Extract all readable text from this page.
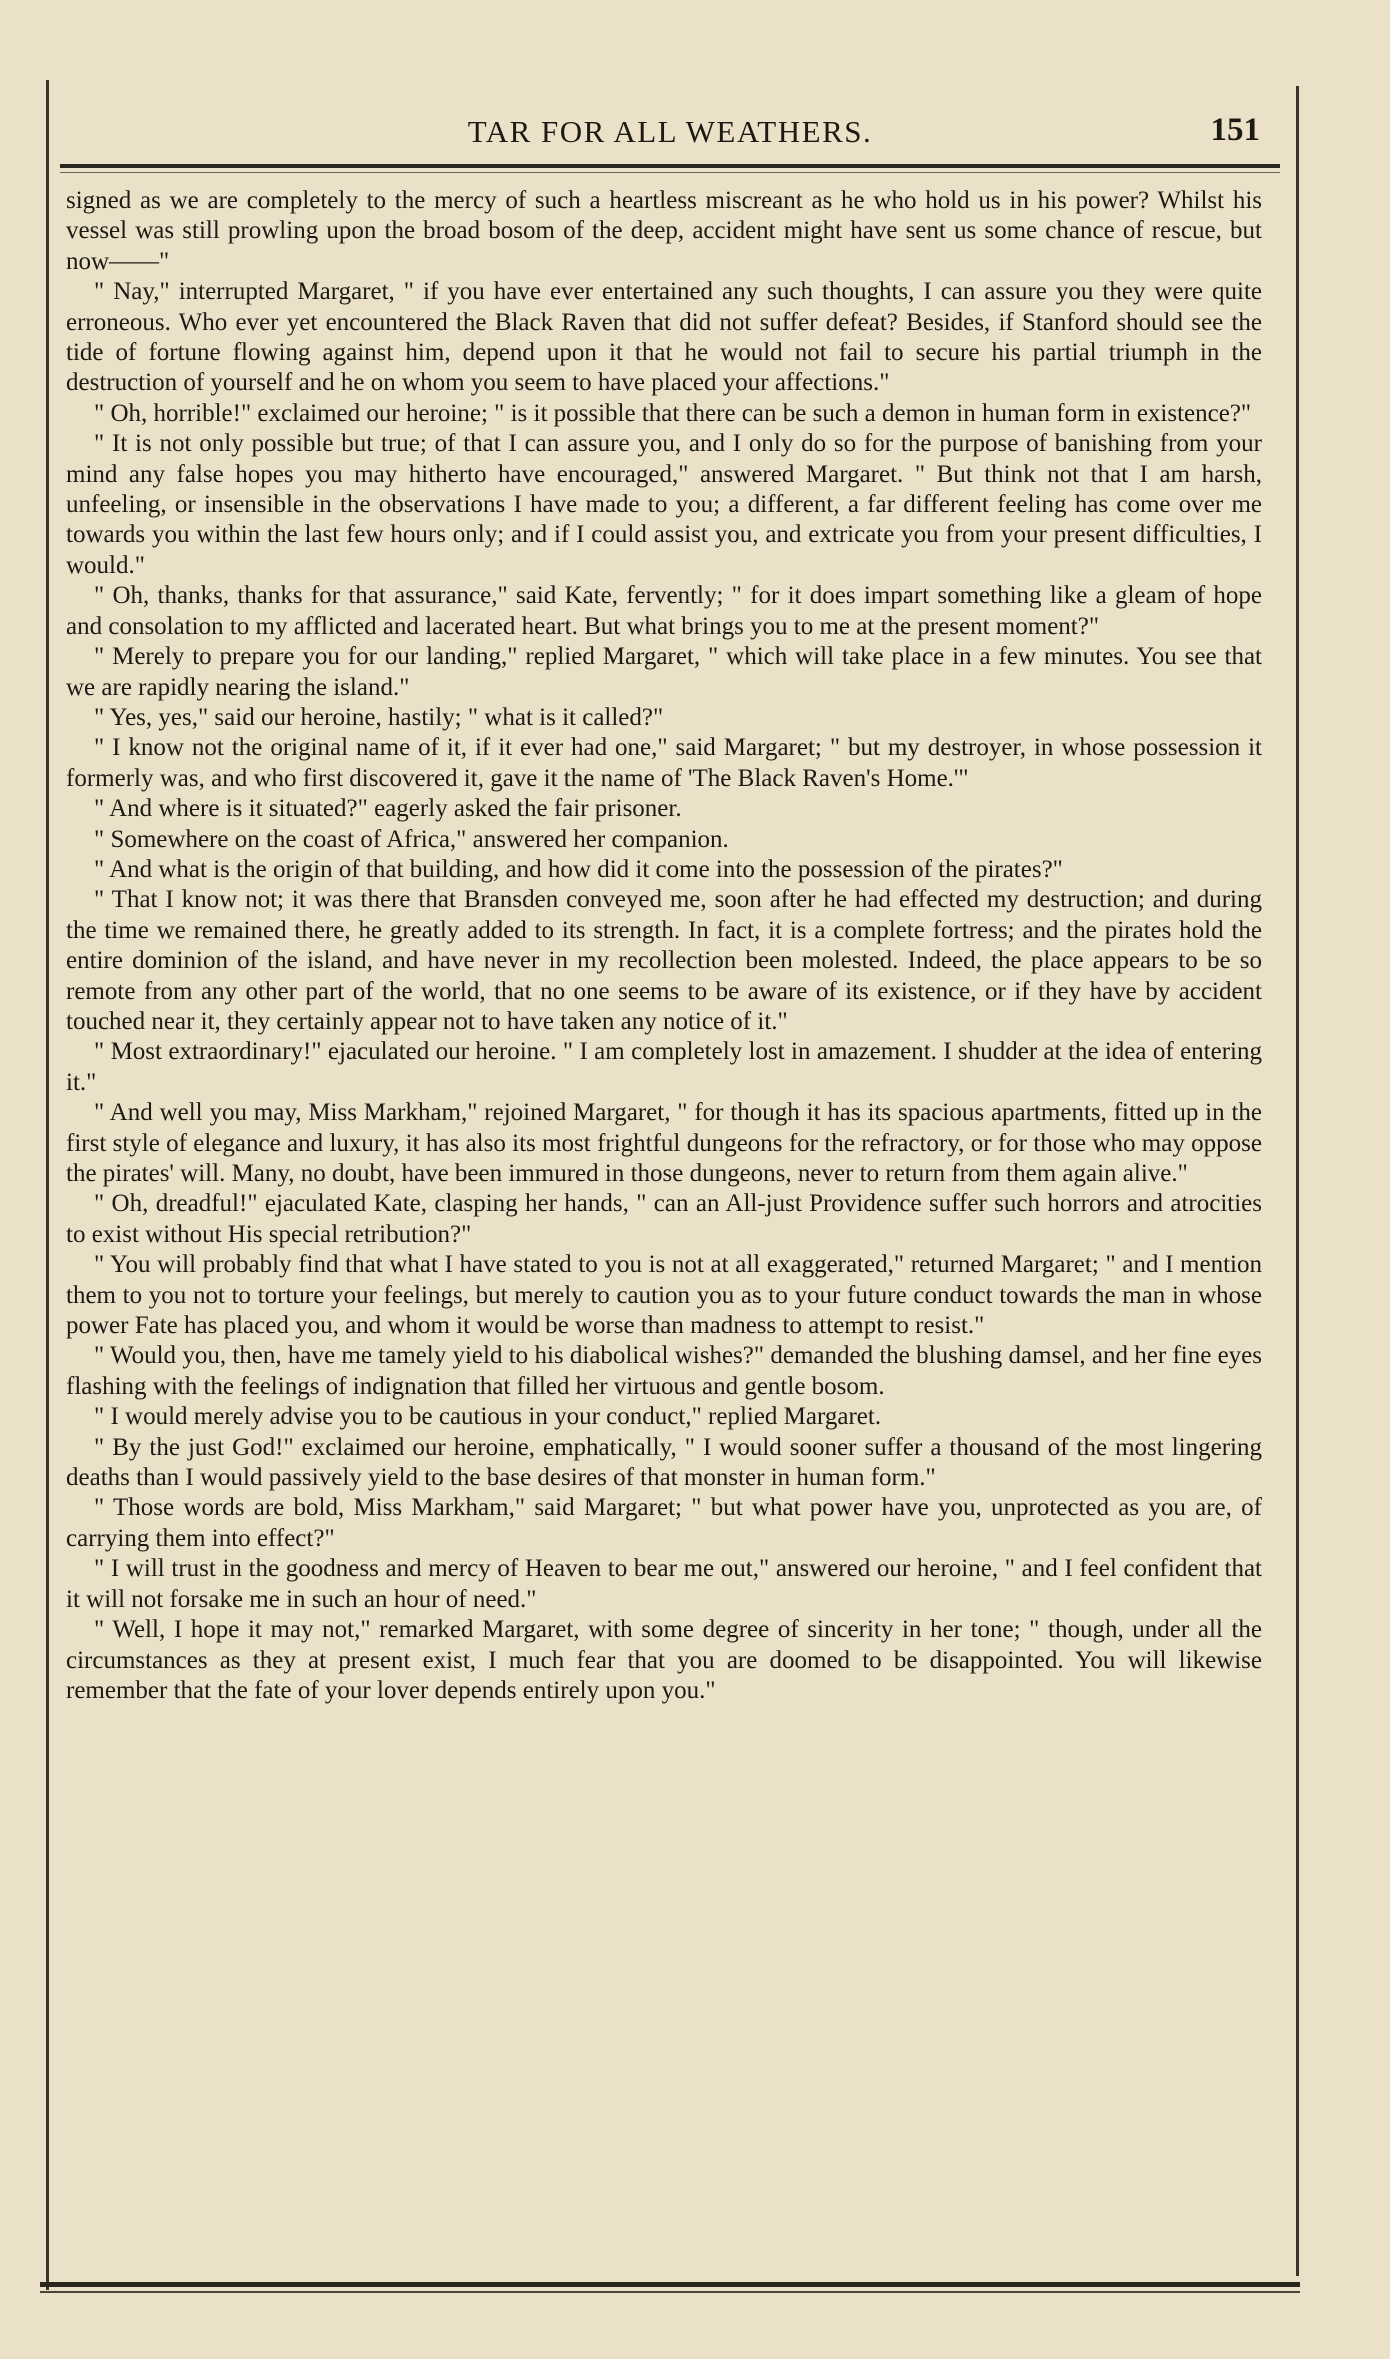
TAR FOR ALL WEATHERS.	151

signed as we are completely to the mercy of such a heartless miscreant as he who hold us in his power? Whilst his vessel was still prowling upon the broad bosom of the deep, accident might have sent us some chance of rescue, but now——"

" Nay," interrupted Margaret, " if you have ever entertained any such thoughts, I can assure you they were quite erroneous. Who ever yet encountered the Black Raven that did not suffer defeat? Besides, if Stanford should see the tide of fortune flowing against him, depend upon it that he would not fail to secure his partial triumph in the destruction of yourself and he on whom you seem to have placed your affections."

" Oh, horrible!" exclaimed our heroine; " is it possible that there can be such a demon in human form in existence?"

" It is not only possible but true; of that I can assure you, and I only do so for the purpose of banishing from your mind any false hopes you may hitherto have encouraged," answered Margaret. " But think not that I am harsh, unfeeling, or insensible in the observations I have made to you; a different, a far different feeling has come over me towards you within the last few hours only; and if I could assist you, and extricate you from your present difficulties, I would."

" Oh, thanks, thanks for that assurance," said Kate, fervently; " for it does impart something like a gleam of hope and consolation to my afflicted and lacerated heart. But what brings you to me at the present moment?"

" Merely to prepare you for our landing," replied Margaret, " which will take place in a few minutes. You see that we are rapidly nearing the island."

" Yes, yes," said our heroine, hastily; " what is it called?"

" I know not the original name of it, if it ever had one," said Margaret; " but my destroyer, in whose possession it formerly was, and who first discovered it, gave it the name of 'The Black Raven's Home.'"

" And where is it situated?" eagerly asked the fair prisoner.

" Somewhere on the coast of Africa," answered her companion.

" And what is the origin of that building, and how did it come into the possession of the pirates?"

" That I know not; it was there that Bransden conveyed me, soon after he had effected my destruction; and during the time we remained there, he greatly added to its strength. In fact, it is a complete fortress; and the pirates hold the entire dominion of the island, and have never in my recollection been molested. Indeed, the place appears to be so remote from any other part of the world, that no one seems to be aware of its existence, or if they have by accident touched near it, they certainly appear not to have taken any notice of it."

" Most extraordinary!" ejaculated our heroine. " I am completely lost in amazement. I shudder at the idea of entering it."

" And well you may, Miss Markham," rejoined Margaret, " for though it has its spacious apartments, fitted up in the first style of elegance and luxury, it has also its most frightful dungeons for the refractory, or for those who may oppose the pirates' will. Many, no doubt, have been immured in those dungeons, never to return from them again alive."

" Oh, dreadful!" ejaculated Kate, clasping her hands, " can an All-just Providence suffer such horrors and atrocities to exist without His special retribution?"

" You will probably find that what I have stated to you is not at all exaggerated," returned Margaret; " and I mention them to you not to torture your feelings, but merely to caution you as to your future conduct towards the man in whose power Fate has placed you, and whom it would be worse than madness to attempt to resist."

" Would you, then, have me tamely yield to his diabolical wishes?" demanded the blushing damsel, and her fine eyes flashing with the feelings of indignation that filled her virtuous and gentle bosom.

" I would merely advise you to be cautious in your conduct," replied Margaret.

" By the just God!" exclaimed our heroine, emphatically, " I would sooner suffer a thousand of the most lingering deaths than I would passively yield to the base desires of that monster in human form."

" Those words are bold, Miss Markham," said Margaret; " but what power have you, unprotected as you are, of carrying them into effect?"

" I will trust in the goodness and mercy of Heaven to bear me out," answered our heroine, " and I feel confident that it will not forsake me in such an hour of need."

" Well, I hope it may not," remarked Margaret, with some degree of sincerity in her tone; " though, under all the circumstances as they at present exist, I much fear that you are doomed to be disappointed. You will likewise remember that the fate of your lover depends entirely upon you."
